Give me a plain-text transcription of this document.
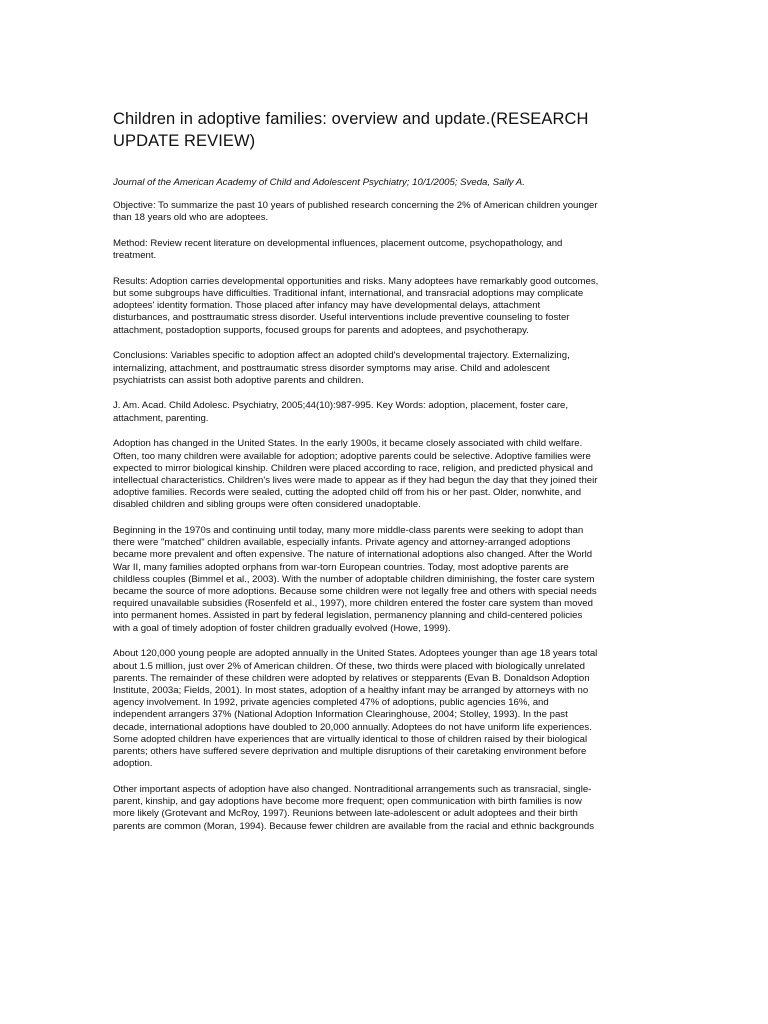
Children in adoptive families: overview and update.(RESEARCH
UPDATE REVIEW)

Journal of the American Academy of Child and Adolescent Psychiatry; 10/1/2005; Sveda, Sally A.

Objective: To summarize the past 10 years of published research concerning the 2% of American children younger
than 18 years old who are adoptees.

Method: Review recent literature on developmental influences, placement outcome, psychopathology, and
treatment.

Results: Adoption carries developmental opportunities and risks. Many adoptees have remarkably good outcomes,
but some subgroups have difficulties. Traditional infant, international, and transracial adoptions may complicate
adoptees' identity formation. Those placed after infancy may have developmental delays, attachment
disturbances, and posttraumatic stress disorder. Useful interventions include preventive counseling to foster
attachment, postadoption supports, focused groups for parents and adoptees, and psychotherapy.

Conclusions: Variables specific to adoption affect an adopted child's developmental trajectory. Externalizing,
internalizing, attachment, and posttraumatic stress disorder symptoms may arise. Child and adolescent
psychiatrists can assist both adoptive parents and children.

J. Am. Acad. Child Adolesc. Psychiatry, 2005;44(10):987-995. Key Words: adoption, placement, foster care,
attachment, parenting.

Adoption has changed in the United States. In the early 1900s, it became closely associated with child welfare.
Often, too many children were available for adoption; adoptive parents could be selective. Adoptive families were
expected to mirror biological kinship. Children were placed according to race, religion, and predicted physical and
intellectual characteristics. Children's lives were made to appear as if they had begun the day that they joined their
adoptive families. Records were sealed, cutting the adopted child off from his or her past. Older, nonwhite, and
disabled children and sibling groups were often considered unadoptable.

Beginning in the 1970s and continuing until today, many more middle-class parents were seeking to adopt than
there were "matched" children available, especially infants. Private agency and attorney-arranged adoptions
became more prevalent and often expensive. The nature of international adoptions also changed. After the World
War II, many families adopted orphans from war-torn European countries. Today, most adoptive parents are
childless couples (Bimmel et al., 2003). With the number of adoptable children diminishing, the foster care system
became the source of more adoptions. Because some children were not legally free and others with special needs
required unavailable subsidies (Rosenfeld et al., 1997), more children entered the foster care system than moved
into permanent homes. Assisted in part by federal legislation, permanency planning and child-centered policies
with a goal of timely adoption of foster children gradually evolved (Howe, 1999).

About 120,000 young people are adopted annually in the United States. Adoptees younger than age 18 years total
about 1.5 million, just over 2% of American children. Of these, two thirds were placed with biologically unrelated
parents. The remainder of these children were adopted by relatives or stepparents (Evan B. Donaldson Adoption
Institute, 2003a; Fields, 2001). In most states, adoption of a healthy infant may be arranged by attorneys with no
agency involvement. In 1992, private agencies completed 47% of adoptions, public agencies 16%, and
independent arrangers 37% (National Adoption Information Clearinghouse, 2004; Stolley, 1993). In the past
decade, international adoptions have doubled to 20,000 annually. Adoptees do not have uniform life experiences.
Some adopted children have experiences that are virtually identical to those of children raised by their biological
parents; others have suffered severe deprivation and multiple disruptions of their caretaking environment before
adoption.

Other important aspects of adoption have also changed. Nontraditional arrangements such as transracial, single-
parent, kinship, and gay adoptions have become more frequent; open communication with birth families is now
more likely (Grotevant and McRoy, 1997). Reunions between late-adolescent or adult adoptees and their birth
parents are common (Moran, 1994). Because fewer children are available from the racial and ethnic backgrounds
